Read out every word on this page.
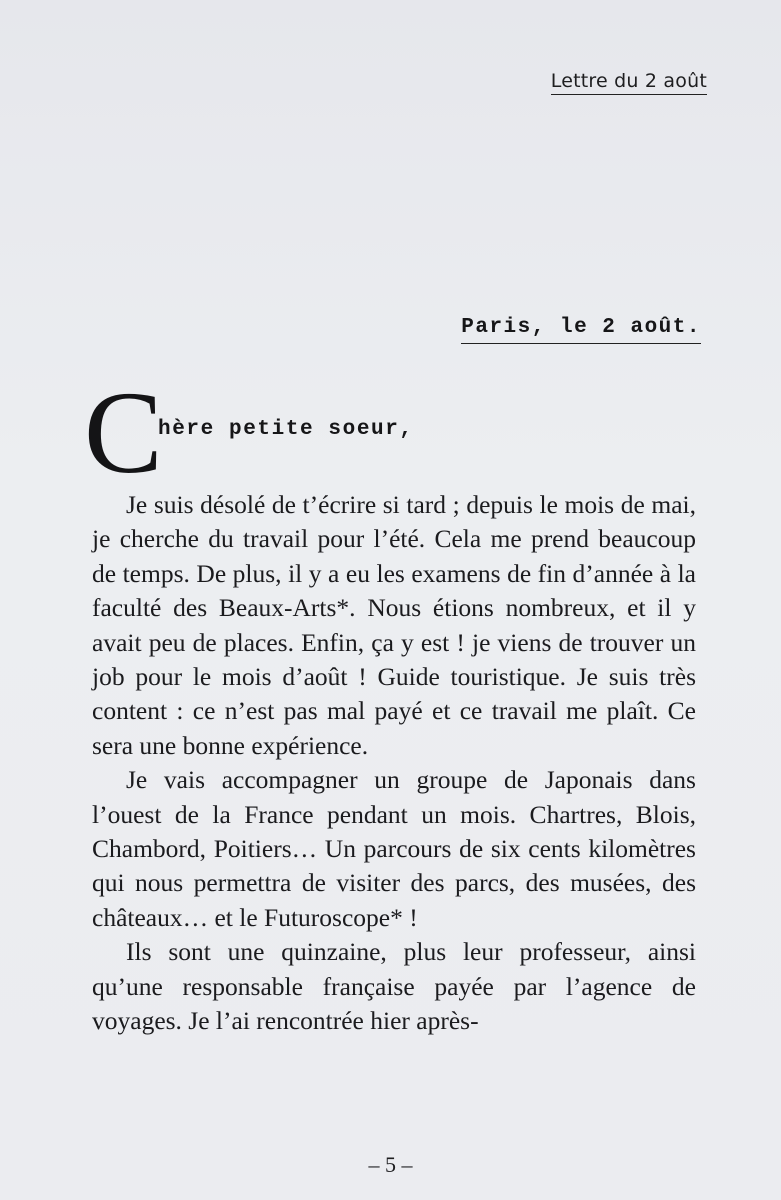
Lettre du 2 août
Paris, le 2 août.
C
hère petite soeur,

Je suis désolé de t’écrire si tard ; depuis le mois de mai, je cherche du travail pour l’été. Cela me prend beaucoup de temps. De plus, il y a eu les examens de fin d’année à la faculté des Beaux-Arts*. Nous étions nombreux, et il y avait peu de places. Enfin, ça y est ! je viens de trouver un job pour le mois d’août ! Guide touristique. Je suis très content : ce n’est pas mal payé et ce travail me plaît. Ce sera une bonne expérience.

Je vais accompagner un groupe de Japonais dans l’ouest de la France pendant un mois. Chartres, Blois, Chambord, Poitiers… Un parcours de six cents kilomètres qui nous permettra de visiter des parcs, des musées, des châteaux… et le Futuroscope* !

Ils sont une quinzaine, plus leur professeur, ainsi qu’une responsable française payée par l’agence de voyages. Je l’ai rencontrée hier après-

– 5 –
